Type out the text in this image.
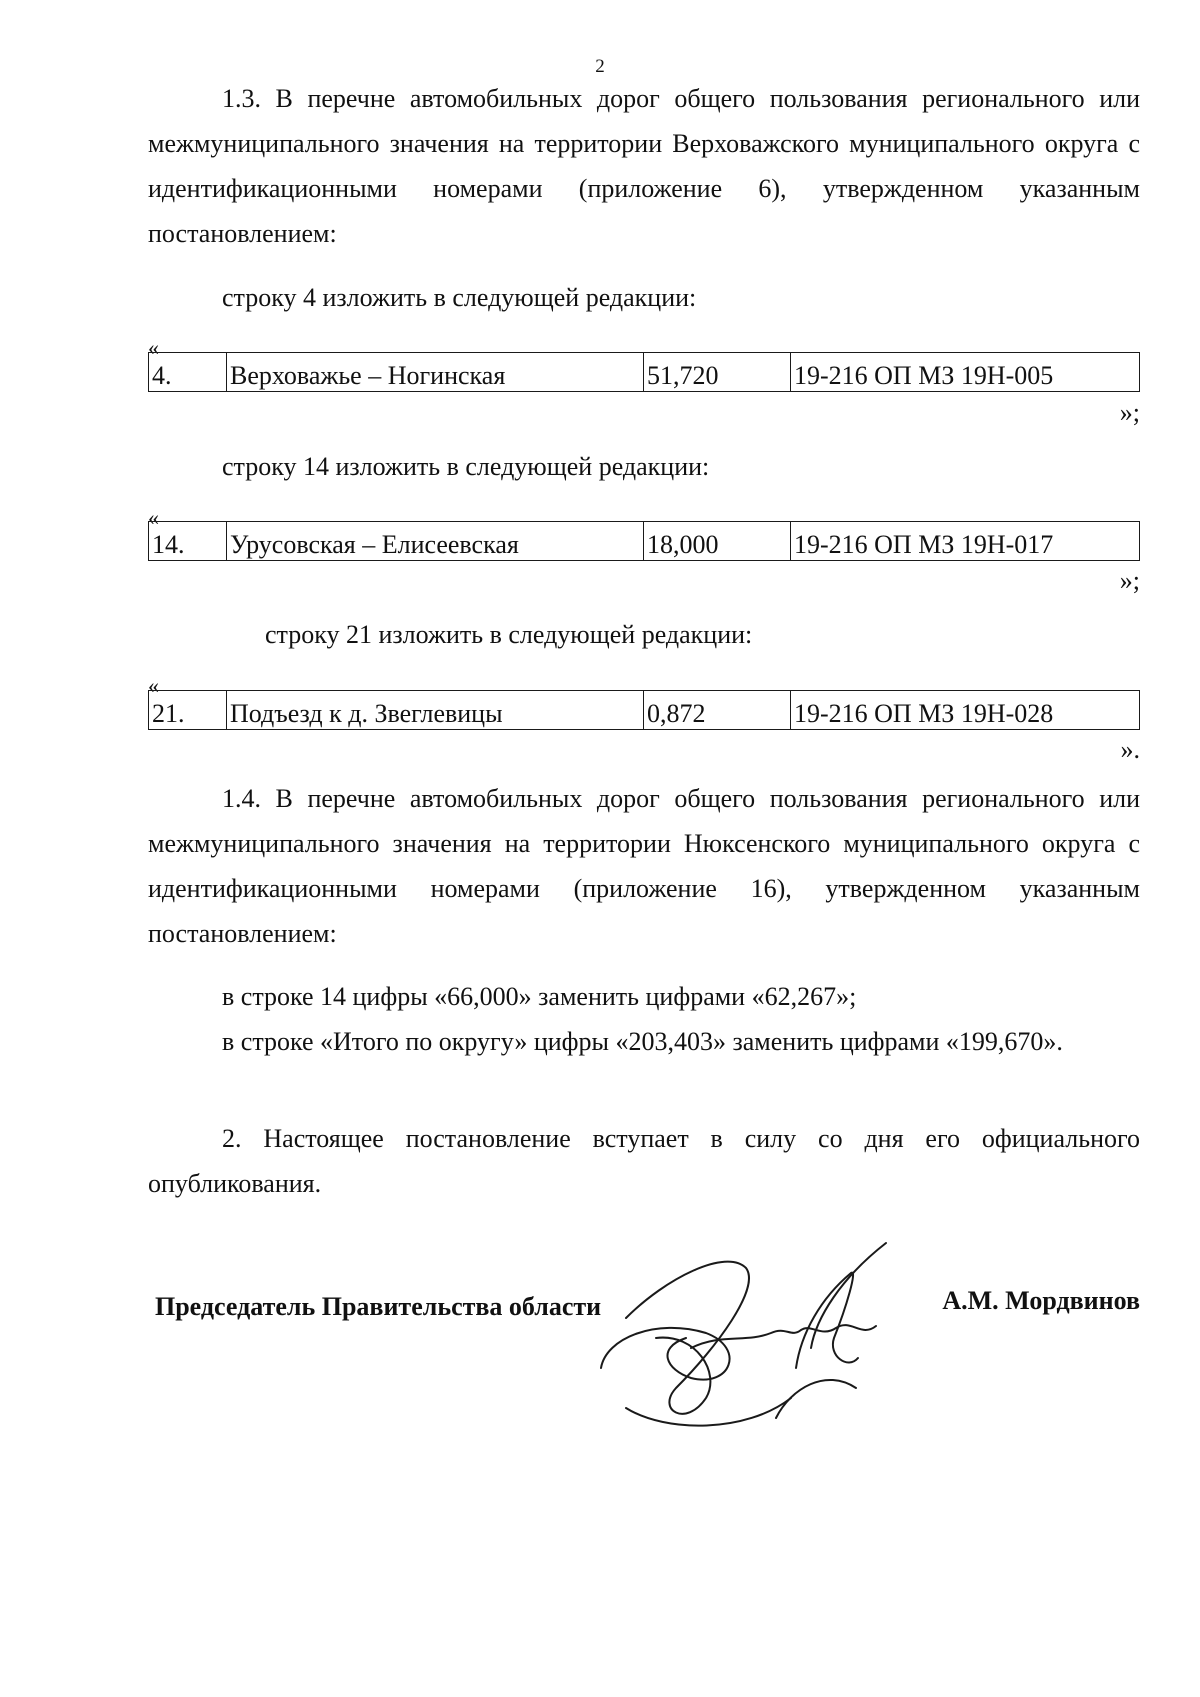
2

1.3. В перечне автомобильных дорог общего пользования регионального или межмуниципального значения на территории Верховажского муниципального округа с идентификационными номерами (приложение 6), утвержденном указанным постановлением:

строку 4 изложить в следующей редакции:
«
4.	Верховажье – Ногинская	51,720	19-216 ОП МЗ 19Н-005
»;
строку 14 изложить в следующей редакции:
«
14.	Урусовская – Елисеевская	18,000	19-216 ОП МЗ 19Н-017
»;
строку 21 изложить в следующей редакции:
«
21.	Подъезд к д. Звеглевицы	0,872	19-216 ОП МЗ 19Н-028
».

1.4. В перечне автомобильных дорог общего пользования регионального или межмуниципального значения на территории Нюксенского муниципального округа с идентификационными номерами (приложение 16), утвержденном указанным постановлением:

в строке 14 цифры «66,000» заменить цифрами «62,267»;

в строке «Итого по округу» цифры «203,403» заменить цифрами «199,670».

2. Настоящее постановление вступает в силу со дня его официального опубликования.

Председатель Правительства области	А.М. Мордвинов
